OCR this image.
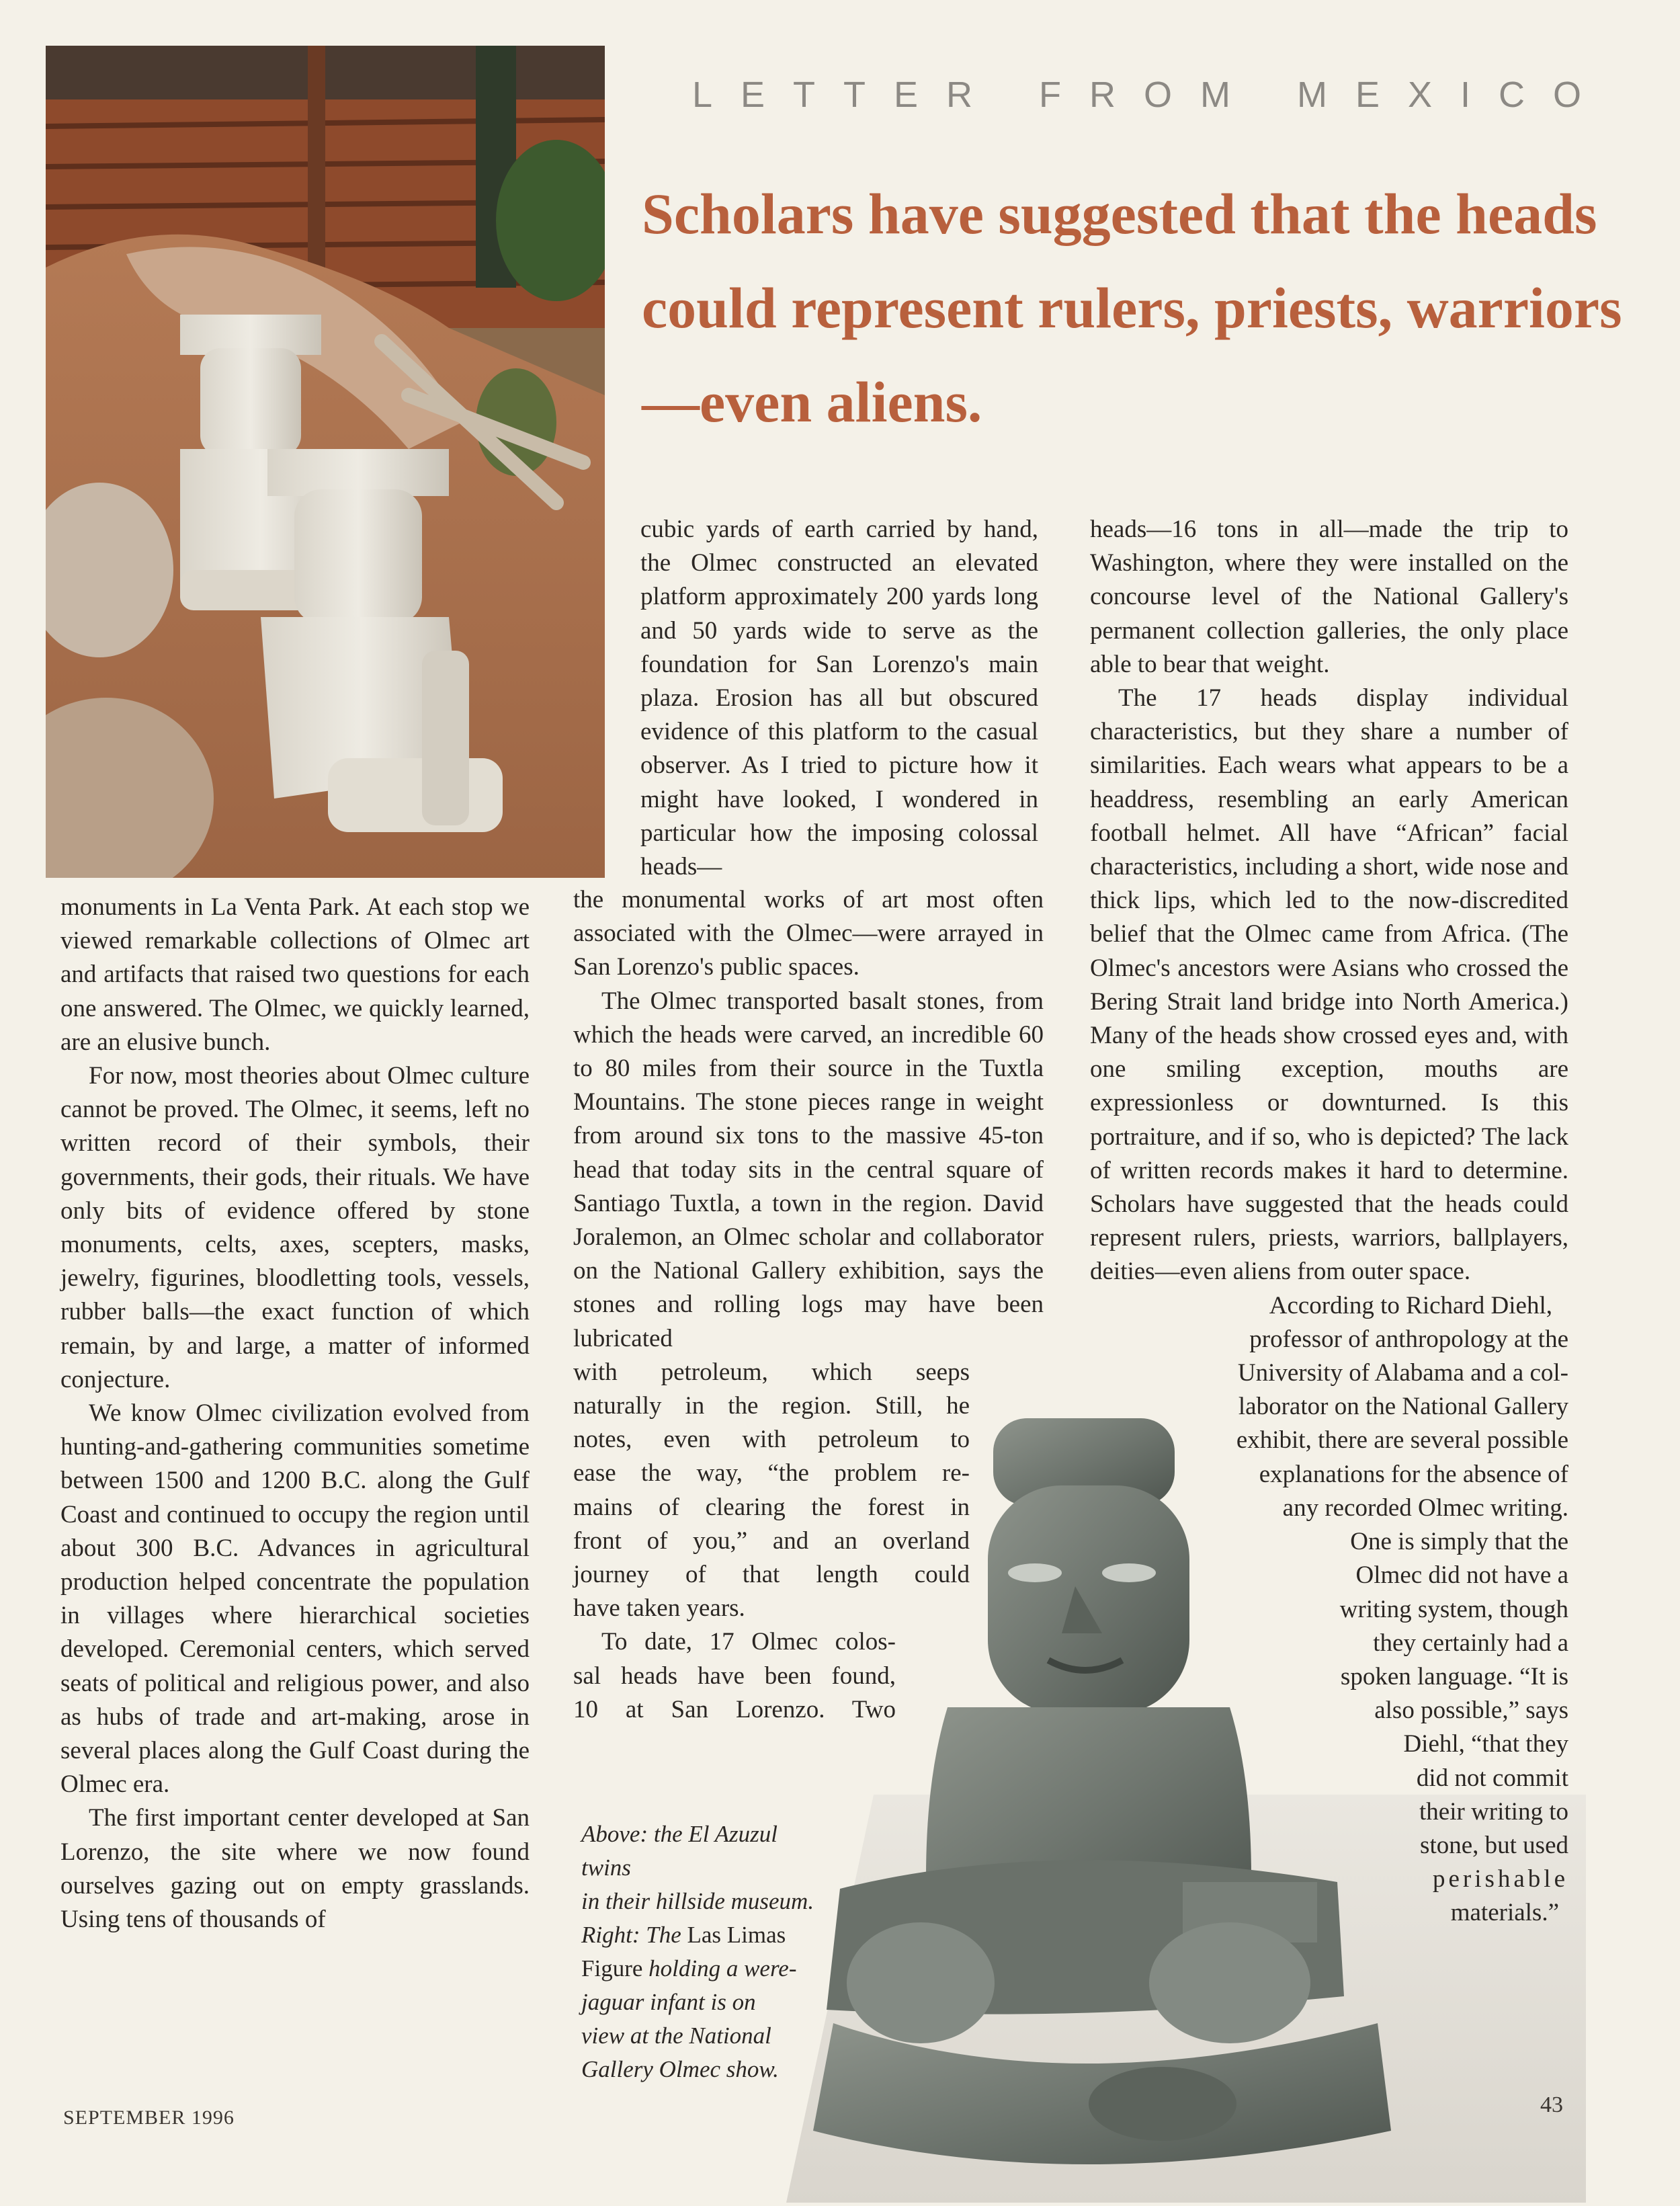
LETTER FROM MEXICO
Scholars have suggested that the heads could represent rulers, priests, warriors—even aliens.

monuments in La Venta Park. At each stop we viewed remarkable collections of Olmec art and artifacts that raised two questions for each one answered. The Olmec, we quickly learned, are an elusive bunch.

For now, most theories about Olmec culture cannot be proved. The Olmec, it seems, left no written record of their symbols, their governments, their gods, their rituals. We have only bits of evidence offered by stone monuments, celts, axes, scepters, masks, jewelry, figurines, bloodletting tools, vessels, rubber balls—the exact function of which remain, by and large, a matter of informed conjecture.

We know Olmec civilization evolved from hunting-and-gathering communities sometime between 1500 and 1200 B.C. along the Gulf Coast and continued to occupy the region until about 300 B.C. Advances in agricultural production helped concentrate the population in villages where hierarchical societies developed. Ceremonial centers, which served seats of political and religious power, and also as hubs of trade and art-making, arose in several places along the Gulf Coast during the Olmec era.

The first important center developed at San Lorenzo, the site where we now found ourselves gazing out on empty grasslands. Using tens of thousands of

cubic yards of earth carried by hand, the Olmec constructed an elevated platform approximately 200 yards long and 50 yards wide to serve as the foundation for San Lorenzo's main plaza. Erosion has all but obscured evidence of this platform to the casual observer. As I tried to picture how it might have looked, I wondered in particular how the imposing colossal heads—

the monumental works of art most often associated with the Olmec—were arrayed in San Lorenzo's public spaces.

The Olmec transported basalt stones, from which the heads were carved, an incredible 60 to 80 miles from their source in the Tuxtla Mountains. The stone pieces range in weight from around six tons to the massive 45-ton head that today sits in the central square of Santiago Tuxtla, a town in the region. David Joralemon, an Olmec scholar and collaborator on the National Gallery exhibition, says the stones and rolling logs may have been lubricated

with petroleum, which seeps
naturally in the region. Still, he
notes, even with petroleum to
ease the way, “the problem re-
mains of clearing the forest in
front of you,” and an overland
journey of that length could
have taken years.
To date, 17 Olmec colos-
sal heads have been found,
10 at San Lorenzo. Two
Above: the El Azuzul twins
in their hillside museum.
Right: The Las Limas
Figure holding a were-
jaguar infant is on
view at the National
Gallery Olmec show.

heads—16 tons in all—made the trip to Washington, where they were installed on the concourse level of the National Gallery's permanent collection galleries, the only place able to bear that weight.

The 17 heads display individual characteristics, but they share a number of similarities. Each wears what appears to be a headdress, resembling an early American football helmet. All have “African” facial characteristics, including a short, wide nose and thick lips, which led to the now-discredited belief that the Olmec came from Africa. (The Olmec's ancestors were Asians who crossed the Bering Strait land bridge into North America.) Many of the heads show crossed eyes and, with one smiling exception, mouths are expressionless or downturned. Is this portraiture, and if so, who is depicted? The lack of written records makes it hard to determine. Scholars have suggested that the heads could represent rulers, priests, warriors, ballplayers, deities—even aliens from outer space.

According to Richard Diehl,
professor of anthropology at the
University of Alabama and a col-
laborator on the National Gallery
exhibit, there are several possible
explanations for the absence of
any recorded Olmec writing.
One is simply that the
Olmec did not have a
writing system, though
they certainly had a
spoken language. “It is
also possible,” says
Diehl, “that they
did not commit
their writing to
stone, but used
perishable
materials.”
SEPTEMBER 1996
43
